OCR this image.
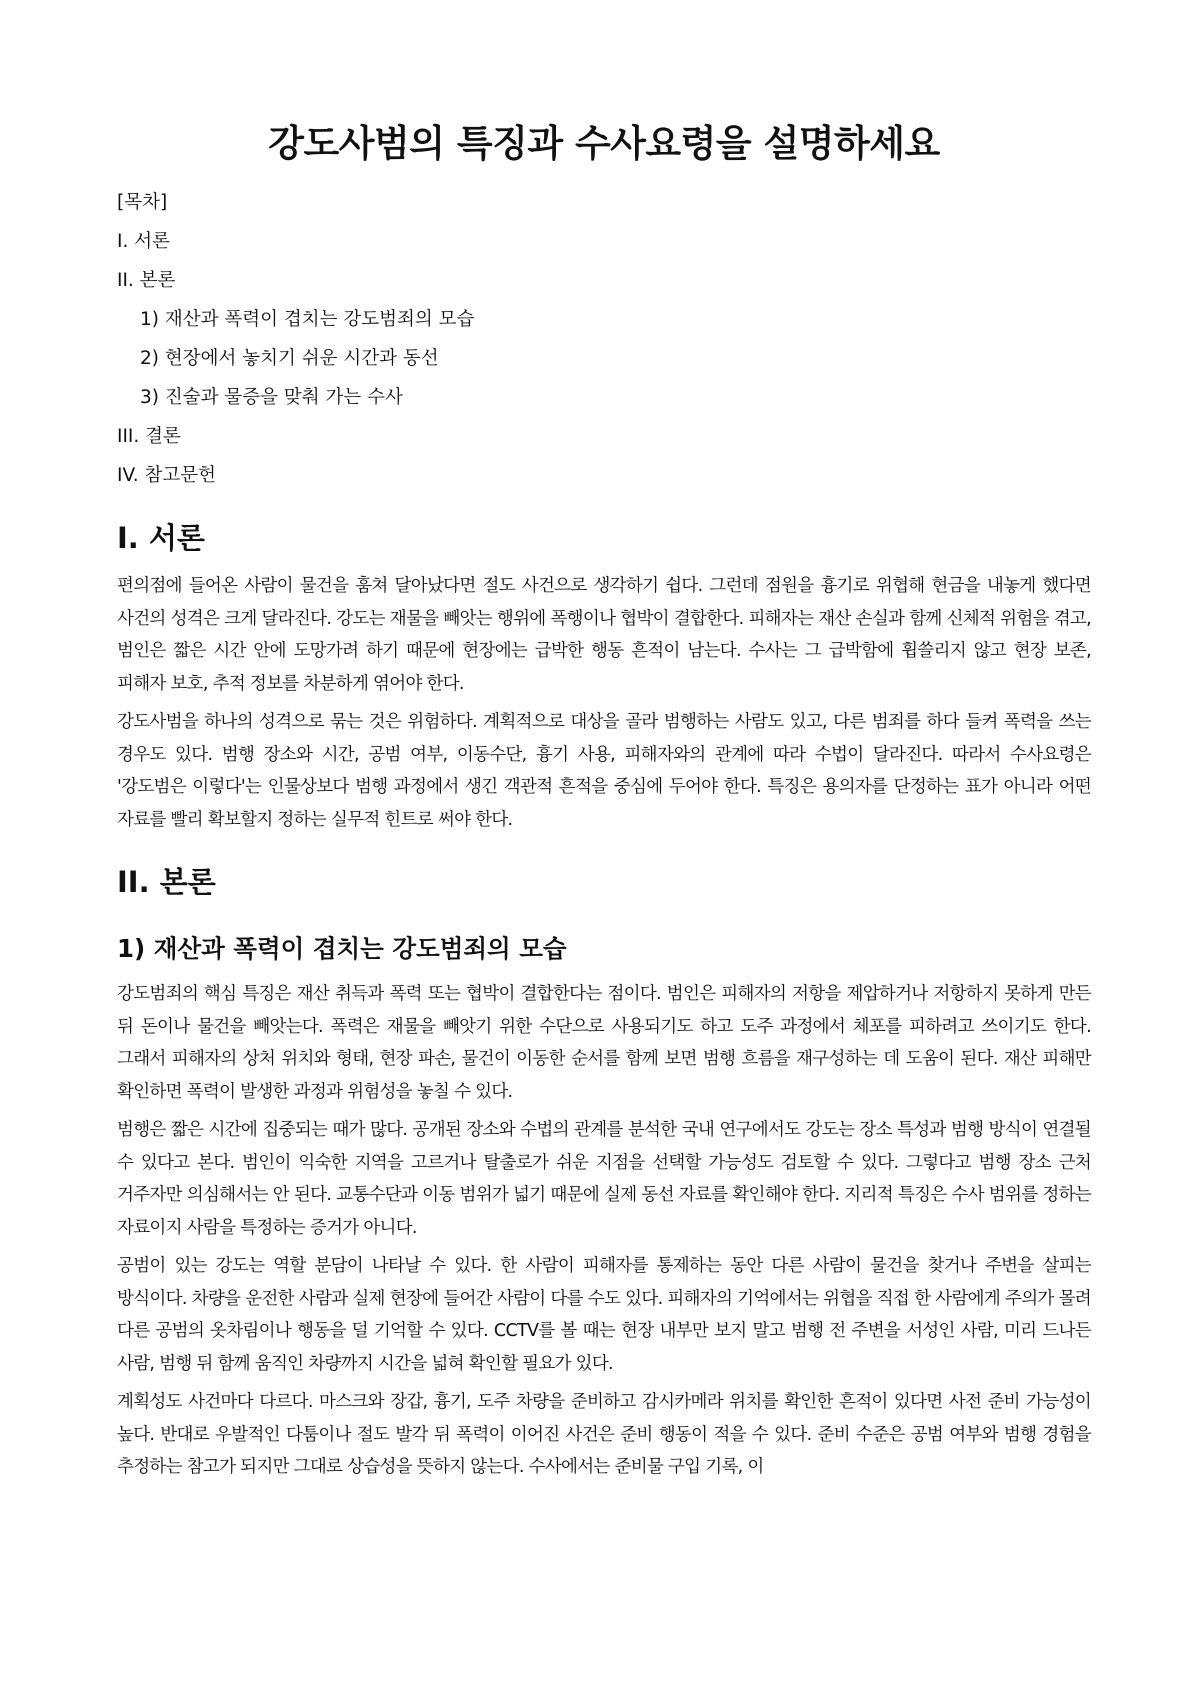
강도사범의 특징과 수사요령을 설명하세요
[목차]
I. 서론
II. 본론
1) 재산과 폭력이 겹치는 강도범죄의 모습
2) 현장에서 놓치기 쉬운 시간과 동선
3) 진술과 물증을 맞춰 가는 수사
III. 결론
IV. 참고문헌
I. 서론

편의점에 들어온 사람이 물건을 훔쳐 달아났다면 절도 사건으로 생각하기 쉽다. 그런데 점원을 흉기로 위협해 현금을 내놓게 했다면 사건의 성격은 크게 달라진다. 강도는 재물을 빼앗는 행위에 폭행이나 협박이 결합한다. 피해자는 재산 손실과 함께 신체적 위험을 겪고, 범인은 짧은 시간 안에 도망가려 하기 때문에 현장에는 급박한 행동 흔적이 남는다. 수사는 그 급박함에 휩쓸리지 않고 현장 보존, 피해자 보호, 추적 정보를 차분하게 엮어야 한다.

강도사범을 하나의 성격으로 묶는 것은 위험하다. 계획적으로 대상을 골라 범행하는 사람도 있고, 다른 범죄를 하다 들켜 폭력을 쓰는 경우도 있다. 범행 장소와 시간, 공범 여부, 이동수단, 흉기 사용, 피해자와의 관계에 따라 수법이 달라진다. 따라서 수사요령은 '강도범은 이렇다'는 인물상보다 범행 과정에서 생긴 객관적 흔적을 중심에 두어야 한다. 특징은 용의자를 단정하는 표가 아니라 어떤 자료를 빨리 확보할지 정하는 실무적 힌트로 써야 한다.

II. 본론
1) 재산과 폭력이 겹치는 강도범죄의 모습

강도범죄의 핵심 특징은 재산 취득과 폭력 또는 협박이 결합한다는 점이다. 범인은 피해자의 저항을 제압하거나 저항하지 못하게 만든 뒤 돈이나 물건을 빼앗는다. 폭력은 재물을 빼앗기 위한 수단으로 사용되기도 하고 도주 과정에서 체포를 피하려고 쓰이기도 한다. 그래서 피해자의 상처 위치와 형태, 현장 파손, 물건이 이동한 순서를 함께 보면 범행 흐름을 재구성하는 데 도움이 된다. 재산 피해만 확인하면 폭력이 발생한 과정과 위험성을 놓칠 수 있다.

범행은 짧은 시간에 집중되는 때가 많다. 공개된 장소와 수법의 관계를 분석한 국내 연구에서도 강도는 장소 특성과 범행 방식이 연결될 수 있다고 본다. 범인이 익숙한 지역을 고르거나 탈출로가 쉬운 지점을 선택할 가능성도 검토할 수 있다. 그렇다고 범행 장소 근처 거주자만 의심해서는 안 된다. 교통수단과 이동 범위가 넓기 때문에 실제 동선 자료를 확인해야 한다. 지리적 특징은 수사 범위를 정하는 자료이지 사람을 특정하는 증거가 아니다.

공범이 있는 강도는 역할 분담이 나타날 수 있다. 한 사람이 피해자를 통제하는 동안 다른 사람이 물건을 찾거나 주변을 살피는 방식이다. 차량을 운전한 사람과 실제 현장에 들어간 사람이 다를 수도 있다. 피해자의 기억에서는 위협을 직접 한 사람에게 주의가 몰려 다른 공범의 옷차림이나 행동을 덜 기억할 수 있다. CCTV를 볼 때는 현장 내부만 보지 말고 범행 전 주변을 서성인 사람, 미리 드나든 사람, 범행 뒤 함께 움직인 차량까지 시간을 넓혀 확인할 필요가 있다.

계획성도 사건마다 다르다. 마스크와 장갑, 흉기, 도주 차량을 준비하고 감시카메라 위치를 확인한 흔적이 있다면 사전 준비 가능성이 높다. 반대로 우발적인 다툼이나 절도 발각 뒤 폭력이 이어진 사건은 준비 행동이 적을 수 있다. 준비 수준은 공범 여부와 범행 경험을 추정하는 참고가 되지만 그대로 상습성을 뜻하지 않는다. 수사에서는 준비물 구입 기록, 이
